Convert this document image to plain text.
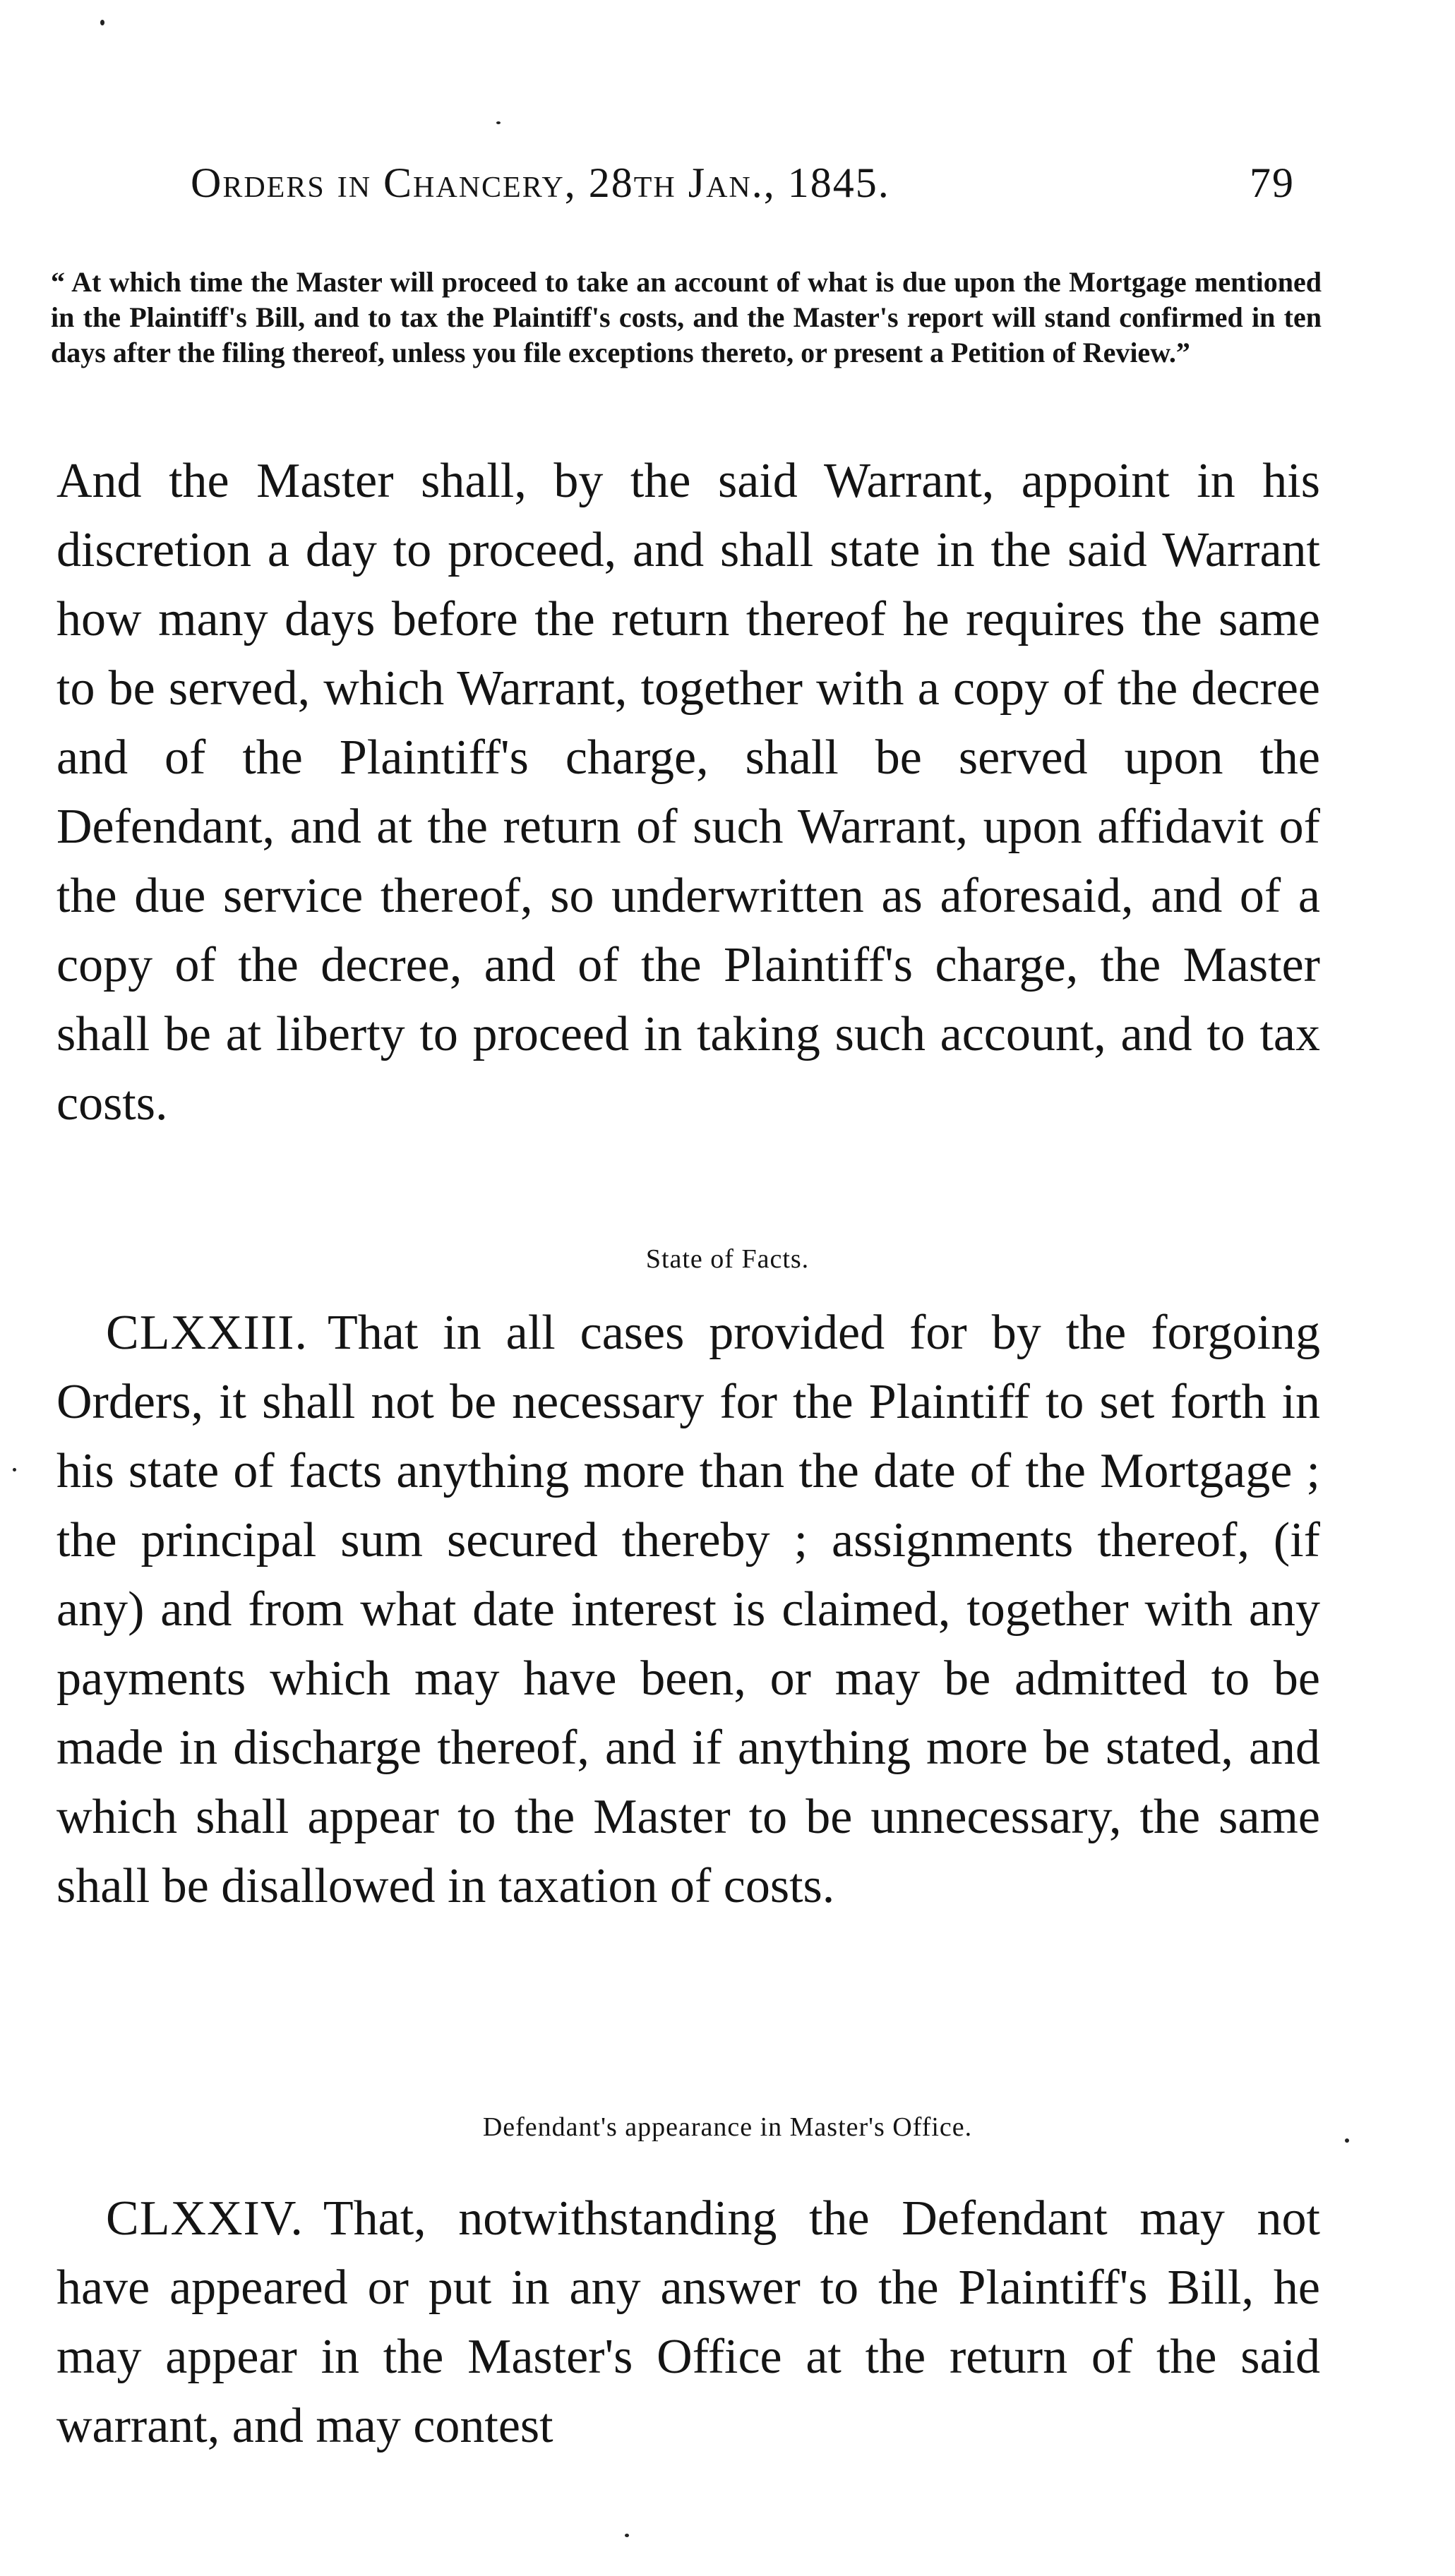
Orders in Chancery, 28th Jan., 1845.	79
“ At which time the Master will proceed to take an account of what is due upon the Mortgage mentioned in the Plaintiff's Bill, and to tax the Plaintiff's costs, and the Master's report will stand confirmed in ten days after the filing thereof, unless you file exceptions thereto, or present a Petition of Review.”
And the Master shall, by the said Warrant, appoint in his discretion a day to proceed, and shall state in the said Warrant how many days before the return thereof he requires the same to be served, which Warrant, together with a copy of the decree and of the Plaintiff's charge, shall be served upon the Defendant, and at the return of such Warrant, upon affidavit of the due service thereof, so underwritten as aforesaid, and of a copy of the decree, and of the Plaintiff's charge, the Master shall be at liberty to proceed in taking such account, and to tax costs.
State of Facts.
CLXXIII. That in all cases provided for by the forgoing Orders, it shall not be necessary for the Plaintiff to set forth in his state of facts anything more than the date of the Mortgage ; the principal sum secured thereby ; assignments thereof, (if any) and from what date interest is claimed, together with any payments which may have been, or may be admitted to be made in discharge thereof, and if anything more be stated, and which shall appear to the Master to be unnecessary, the same shall be disallowed in taxation of costs.
Defendant's appearance in Master's Office.
CLXXIV. That, notwithstanding the Defendant may not have appeared or put in any answer to the Plaintiff's Bill, he may appear in the Master's Office at the return of the said warrant, and may contest
